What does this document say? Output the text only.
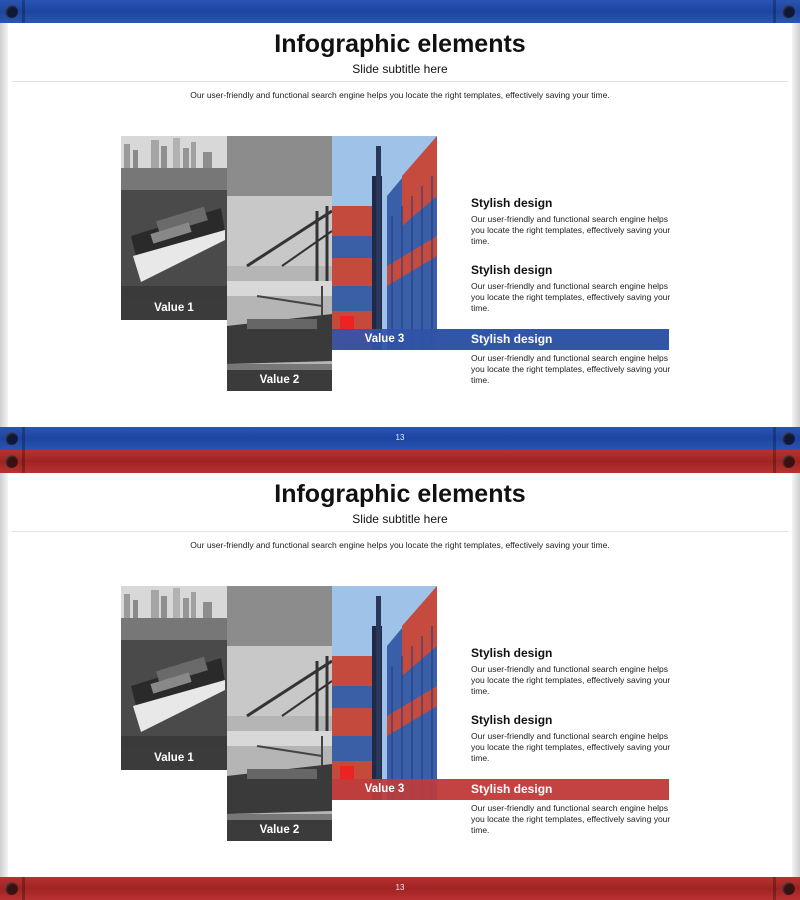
Infographic elements
Slide subtitle here
Our user-friendly and functional search engine helps you locate the right templates, effectively saving your time.
Value 1
Value 2
Value 3
Stylish design
Our user-friendly and functional search engine helps you locate the right templates, effectively saving your time.
Stylish design
Our user-friendly and functional search engine helps you locate the right templates, effectively saving your time.
Stylish design
Our user-friendly and functional search engine helps you locate the right templates, effectively saving your time.
13
Infographic elements
Slide subtitle here
Our user-friendly and functional search engine helps you locate the right templates, effectively saving your time.
Value 1
Value 2
Value 3
Stylish design
Our user-friendly and functional search engine helps you locate the right templates, effectively saving your time.
Stylish design
Our user-friendly and functional search engine helps you locate the right templates, effectively saving your time.
Stylish design
Our user-friendly and functional search engine helps you locate the right templates, effectively saving your time.
13
